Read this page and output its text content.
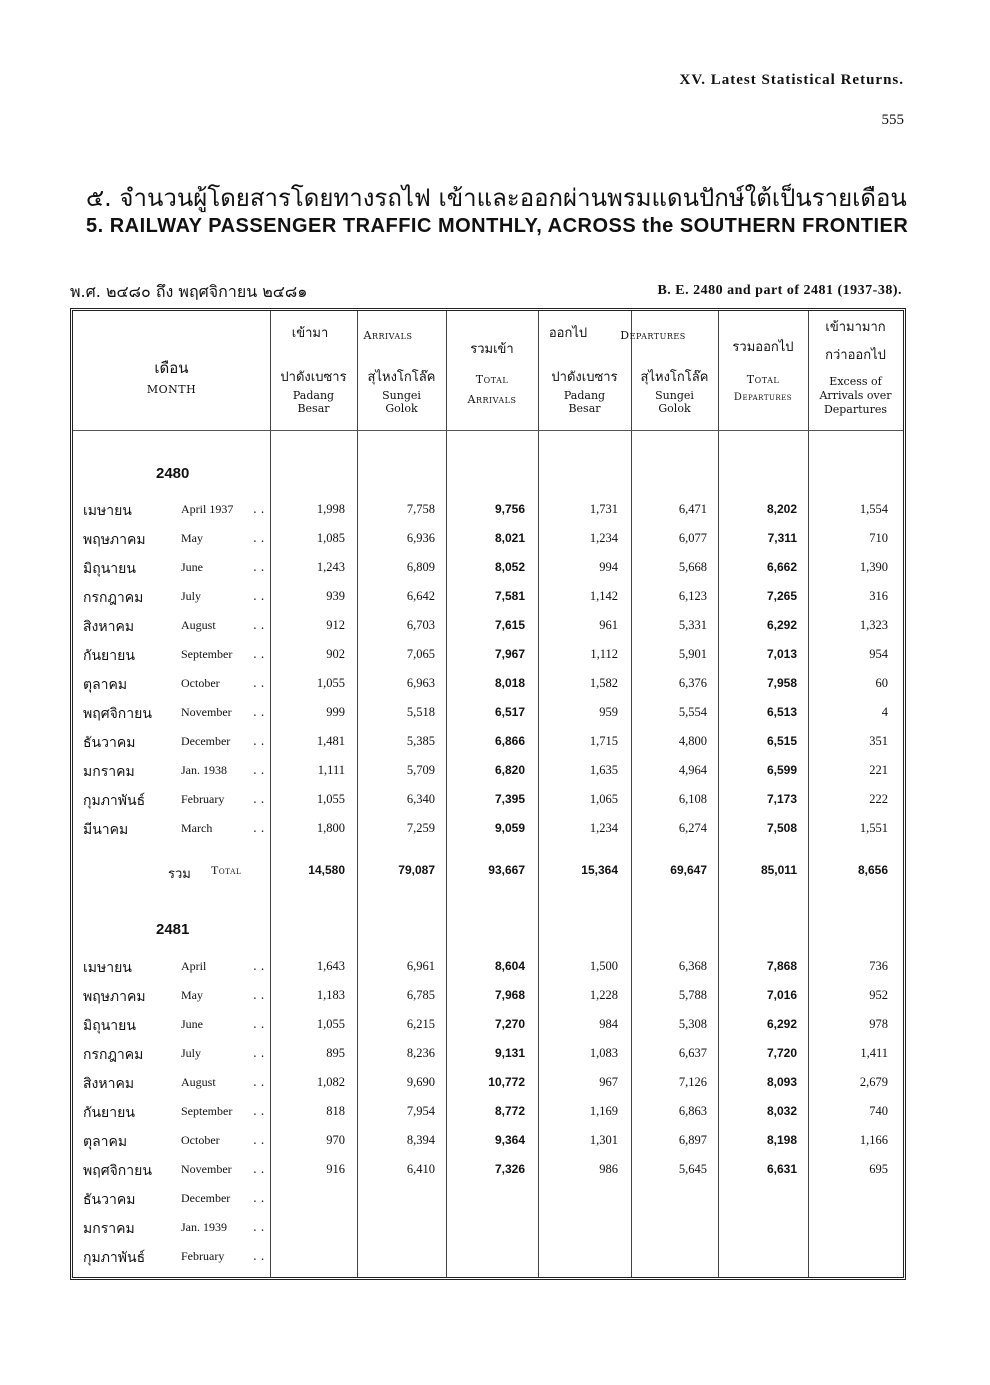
XV. Latest Statistical Returns.
555
๕. จำนวนผู้โดยสารโดยทางรถไฟ เข้าและออกผ่านพรมแดนปักษ์ใต้เป็นรายเดือน
5. RAILWAY PASSENGER TRAFFIC MONTHLY, ACROSS the SOUTHERN FRONTIER
พ.ศ. ๒๔๘๐ ถึง พฤศจิกายน ๒๔๘๑	B. E. 2480 and part of 2481 (1937-38).
เดือน
MONTH
เข้ามา	Arrivals
ปาดังเบซาร
Padang
Besar
สุไหงโกโล๊ค
Sungei
Golok
รวมเข้า
Total
Arrivals
ออกไป	Departures
ปาดังเบซาร
Padang
Besar
สุไหงโกโล๊ค
Sungei
Golok
รวมออกไป
Total
Departures
เข้ามามาก
กว่าออกไป
Excess of
Arrivals over
Departures
2480
เมษายน	April 1937 . .	1,998	7,758	9,756	1,731	6,471	8,202	1,554
พฤษภาคม	May	. .	1,085	6,936	8,021	1,234	6,077	7,311	710
มิถุนายน	June	. .	1,243	6,809	8,052	994	5,668	6,662	1,390
กรกฎาคม	July	. .	939	6,642	7,581	1,142	6,123	7,265	316
สิงหาคม	August	. .	912	6,703	7,615	961	5,331	6,292	1,323
กันยายน	September . .	902	7,065	7,967	1,112	5,901	7,013	954
ตุลาคม	October	. .	1,055	6,963	8,018	1,582	6,376	7,958	60
พฤศจิกายน November . .	999	5,518	6,517	959	5,554	6,513	4
ธันวาคม	December . .	1,481	5,385	6,866	1,715	4,800	6,515	351
มกราคม	Jan. 1938 . .	1,111	5,709	6,820	1,635	4,964	6,599	221
กุมภาพันธ์	February . .	1,055	6,340	7,395	1,065	6,108	7,173	222
มีนาคม	March	. .	1,800	7,259	9,059	1,234	6,274	7,508	1,551
รวม Total	14,580	79,087	93,667	15,364	69,647	85,011	8,656
2481
เมษายน	April	. .	1,643	6,961	8,604	1,500	6,368	7,868	736
พฤษภาคม	May	. .	1,183	6,785	7,968	1,228	5,788	7,016	952
มิถุนายน	June	. .	1,055	6,215	7,270	984	5,308	6,292	978
กรกฎาคม	July	. .	895	8,236	9,131	1,083	6,637	7,720	1,411
สิงหาคม	August	. .	1,082	9,690	10,772	967	7,126	8,093	2,679
กันยายน	September . .	818	7,954	8,772	1,169	6,863	8,032	740
ตุลาคม	October	. .	970	8,394	9,364	1,301	6,897	8,198	1,166
พฤศจิกายน November . .	916	6,410	7,326	986	5,645	6,631	695
ธันวาคม	December . .
มกราคม	Jan. 1939 . .
กุมภาพันธ์	February . .
